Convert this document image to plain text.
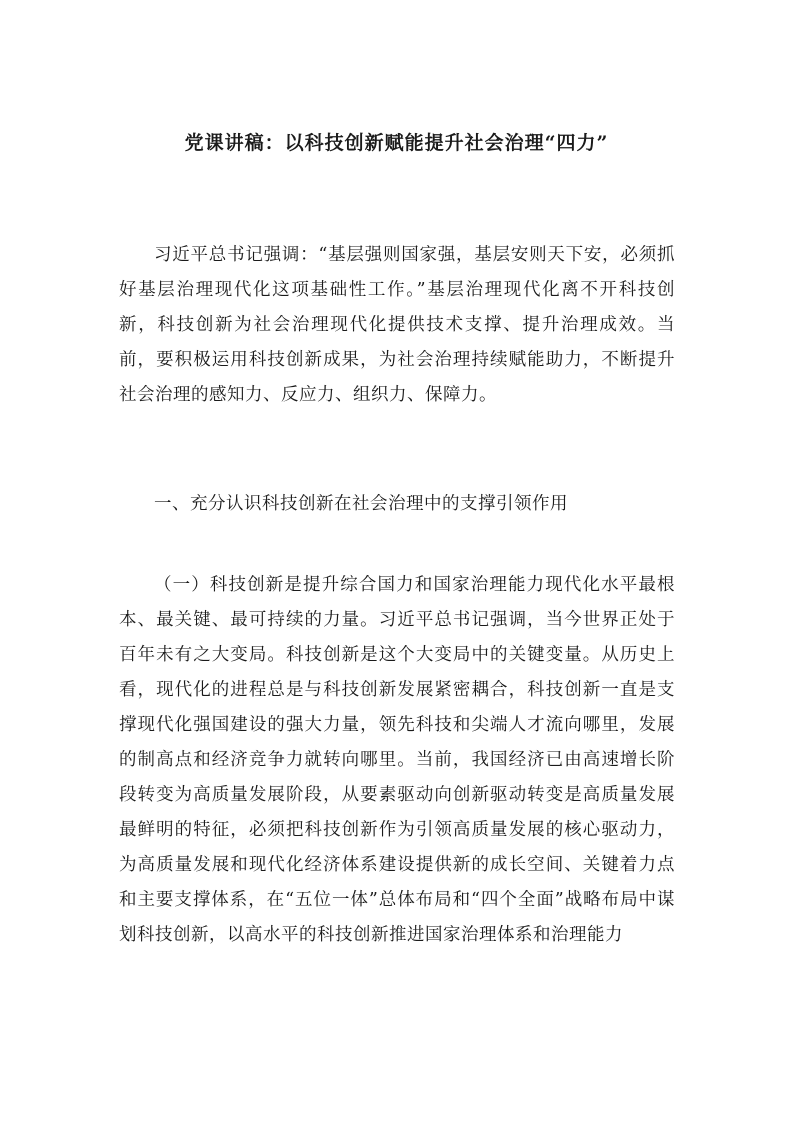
党课讲稿：以科技创新赋能提升社会治理“四力”

习近平总书记强调：“基层强则国家强，基层安则天下安，必须抓好基层治理现代化这项基础性工作。”基层治理现代化离不开科技创新，科技创新为社会治理现代化提供技术支撑、提升治理成效。当前，要积极运用科技创新成果，为社会治理持续赋能助力，不断提升社会治理的感知力、反应力、组织力、保障力。

一、充分认识科技创新在社会治理中的支撑引领作用

（一）科技创新是提升综合国力和国家治理能力现代化水平最根本、最关键、最可持续的力量。习近平总书记强调，当今世界正处于百年未有之大变局。科技创新是这个大变局中的关键变量。从历史上看，现代化的进程总是与科技创新发展紧密耦合，科技创新一直是支撑现代化强国建设的强大力量，领先科技和尖端人才流向哪里，发展的制高点和经济竞争力就转向哪里。当前，我国经济已由高速增长阶段转变为高质量发展阶段，从要素驱动向创新驱动转变是高质量发展最鲜明的特征，必须把科技创新作为引领高质量发展的核心驱动力，为高质量发展和现代化经济体系建设提供新的成长空间、关键着力点和主要支撑体系，在“五位一体”总体布局和“四个全面”战略布局中谋划科技创新，以高水平的科技创新推进国家治理体系和治理能力
